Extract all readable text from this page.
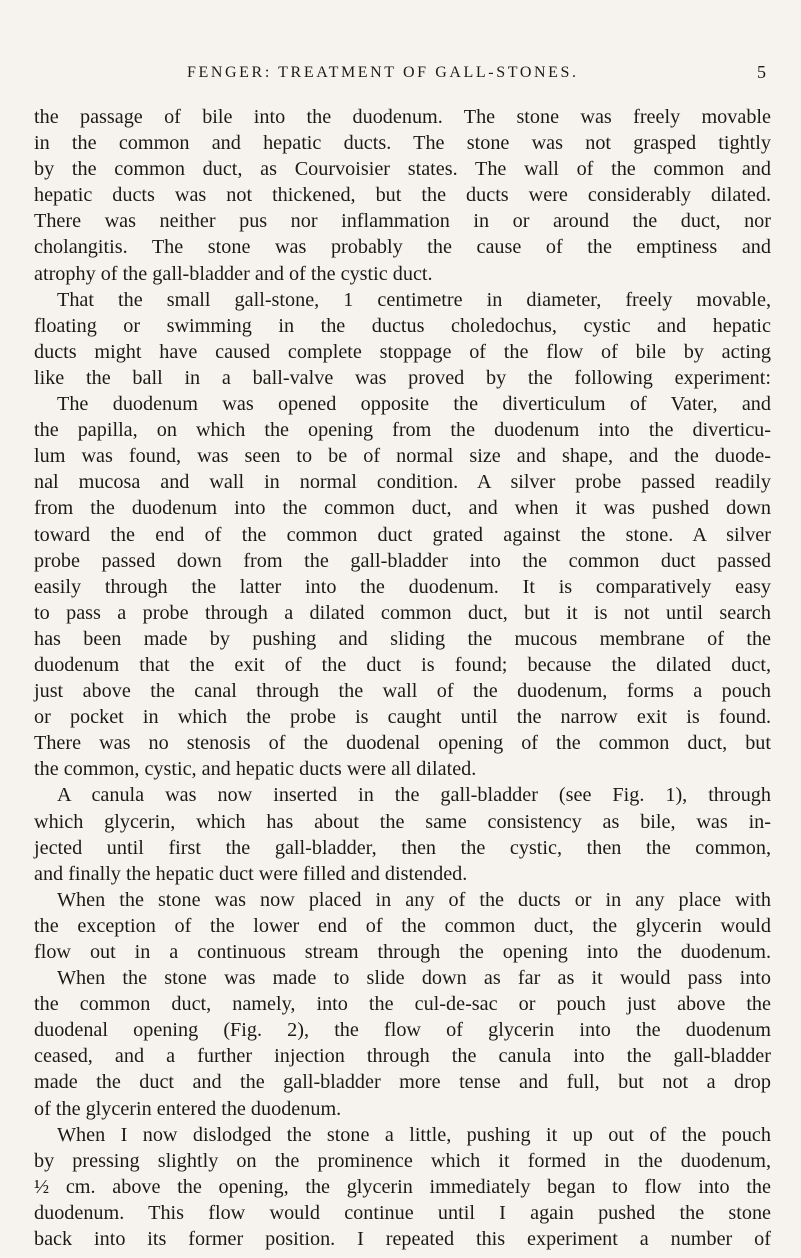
FENGER: TREATMENT OF GALL-STONES.	5
the passage of bile into the duodenum. The stone was freely movable
in the common and hepatic ducts. The stone was not grasped tightly
by the common duct, as Courvoisier states. The wall of the common and
hepatic ducts was not thickened, but the ducts were considerably dilated.
There was neither pus nor inflammation in or around the duct, nor
cholangitis. The stone was probably the cause of the emptiness and
atrophy of the gall-bladder and of the cystic duct.
That the small gall-stone, 1 centimetre in diameter, freely movable,
floating or swimming in the ductus choledochus, cystic and hepatic
ducts might have caused complete stoppage of the flow of bile by acting
like the ball in a ball-valve was proved by the following experiment:
The duodenum was opened opposite the diverticulum of Vater, and
the papilla, on which the opening from the duodenum into the diverticu-
lum was found, was seen to be of normal size and shape, and the duode-
nal mucosa and wall in normal condition. A silver probe passed readily
from the duodenum into the common duct, and when it was pushed down
toward the end of the common duct grated against the stone. A silver
probe passed down from the gall-bladder into the common duct passed
easily through the latter into the duodenum. It is comparatively easy
to pass a probe through a dilated common duct, but it is not until search
has been made by pushing and sliding the mucous membrane of the
duodenum that the exit of the duct is found; because the dilated duct,
just above the canal through the wall of the duodenum, forms a pouch
or pocket in which the probe is caught until the narrow exit is found.
There was no stenosis of the duodenal opening of the common duct, but
the common, cystic, and hepatic ducts were all dilated.
A canula was now inserted in the gall-bladder (see Fig. 1), through
which glycerin, which has about the same consistency as bile, was in-
jected until first the gall-bladder, then the cystic, then the common,
and finally the hepatic duct were filled and distended.
When the stone was now placed in any of the ducts or in any place with
the exception of the lower end of the common duct, the glycerin would
flow out in a continuous stream through the opening into the duodenum.
When the stone was made to slide down as far as it would pass into
the common duct, namely, into the cul-de-sac or pouch just above the
duodenal opening (Fig. 2), the flow of glycerin into the duodenum
ceased, and a further injection through the canula into the gall-bladder
made the duct and the gall-bladder more tense and full, but not a drop
of the glycerin entered the duodenum.
When I now dislodged the stone a little, pushing it up out of the pouch
by pressing slightly on the prominence which it formed in the duodenum,
½ cm. above the opening, the glycerin immediately began to flow into the
duodenum. This flow would continue until I again pushed the stone
back into its former position. I repeated this experiment a number of
